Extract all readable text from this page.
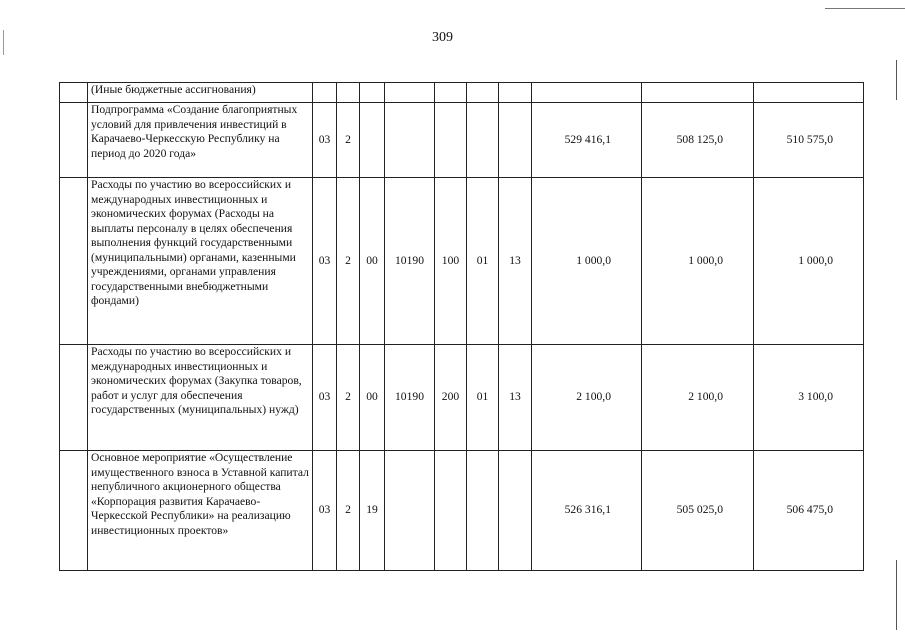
309
	(Иные бюджетные ассигнования)										
	Подпрограмма «Создание благоприятных условий для привлечения инвестиций в Карачаево-Черкесскую Республику на период до 2020 года»	03	2						529 416,1	508 125,0	510 575,0
	Расходы по участию во всероссийских и международных инвестиционных и экономических форумах (Расходы на выплаты персоналу в целях обеспечения выполнения функций государственными (муниципальными) органами, казенными учреждениями, органами управления государственными внебюджетными фондами)	03	2	00	10190	100	01	13	1 000,0	1 000,0	1 000,0
	Расходы по участию во всероссийских и международных инвестиционных и экономических форумах (Закупка товаров, работ и услуг для обеспечения государственных (муниципальных) нужд)	03	2	00	10190	200	01	13	2 100,0	2 100,0	3 100,0
	Основное мероприятие «Осуществление имущественного взноса в Уставной капитал непубличного акционерного общества «Корпорация развития Карачаево-Черкесской Республики» на реализацию инвестиционных проектов»	03	2	19					526 316,1	505 025,0	506 475,0
